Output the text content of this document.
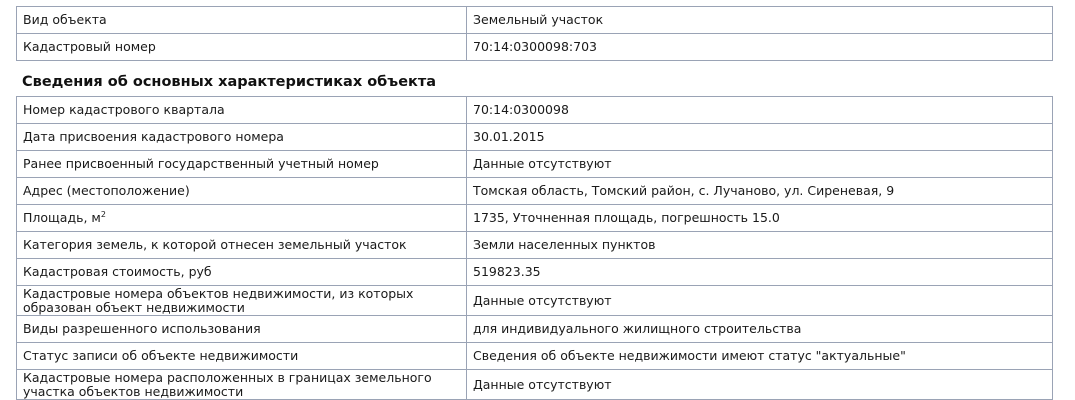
Вид объекта	Земельный участок
Кадастровый номер	70:14:0300098:703
Сведения об основных характеристиках объекта
Номер кадастрового квартала	70:14:0300098
Дата присвоения кадастрового номера	30.01.2015
Ранее присвоенный государственный учетный номер	Данные отсутствуют
Адрес (местоположение)	Томская область, Томский район, с. Лучаново, ул. Сиреневая, 9
Площадь, $м^2$	1735, Уточненная площадь, погрешность 15.0
Категория земель, к которой отнесен земельный участок	Земли населенных пунктов
Кадастровая стоимость, руб	519823.35
Кадастровые номера объектов недвижимости, из которых образован объект недвижимости	Данные отсутствуют
Виды разрешенного использования	для индивидуального жилищного строительства
Статус записи об объекте недвижимости	Сведения об объекте недвижимости имеют статус "актуальные"
Кадастровые номера расположенных в границах земельного участка объектов недвижимости	Данные отсутствуют
